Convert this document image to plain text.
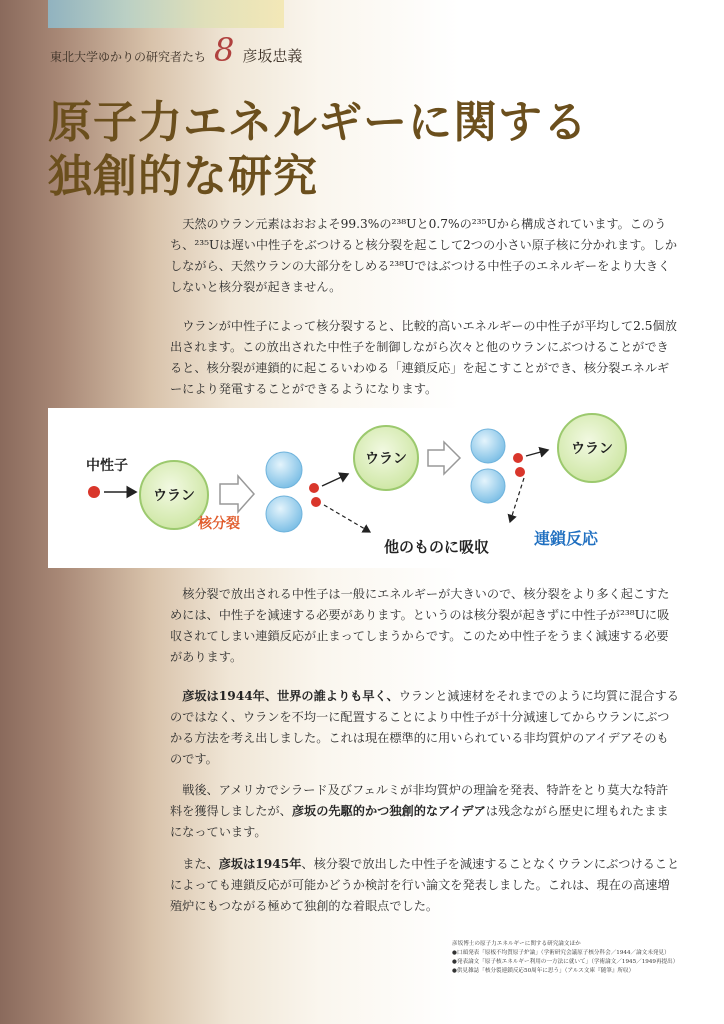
東北大学ゆかりの研究者たち 8 彦坂忠義
原子力エネルギーに関する
独創的な研究

天然のウラン元素はおおよそ99.3%の²³⁸Uと0.7%の²³⁵Uから構成されています。このうち、²³⁵Uは遅い中性子をぶつけると核分裂を起こして2つの小さい原子核に分かれます。しかしながら、天然ウランの大部分をしめる²³⁸Uではぶつける中性子のエネルギーをより大きくしないと核分裂が起きません。

ウランが中性子によって核分裂すると、比較的高いエネルギーの中性子が平均して2.5個放出されます。この放出された中性子を制御しながら次々と他のウランにぶつけることができると、核分裂が連鎖的に起こるいわゆる「連鎖反応」を起こすことができ、核分裂エネルギーにより発電することができるようになります。

中性子
ウラン
核分裂
ウラン
ウラン
他のものに吸収	連鎖反応

核分裂で放出される中性子は一般にエネルギーが大きいので、核分裂をより多く起こすためには、中性子を減速する必要があります。というのは核分裂が起きずに中性子が²³⁸Uに吸収されてしまい連鎖反応が止まってしまうからです。このため中性子をうまく減速する必要があります。

彦坂は1944年、世界の誰よりも早く、ウランと減速材をそれまでのように均質に混合するのではなく、ウランを不均一に配置することにより中性子が十分減速してからウランにぶつかる方法を考え出しました。これは現在標準的に用いられている非均質炉のアイデアそのものです。

戦後、アメリカでシラード及びフェルミが非均質炉の理論を発表、特許をとり莫大な特許料を獲得しましたが、彦坂の先駆的かつ独創的なアイデアは残念ながら歴史に埋もれたままになっています。

また、彦坂は1945年、核分裂で放出した中性子を減速することなくウランにぶつけることによっても連鎖反応が可能かどうか検討を行い論文を発表しました。これは、現在の高速増殖炉にもつながる極めて独創的な着眼点でした。

彦坂博士の原子力エネルギーに関する研究論文ほか
●口頭発表「原板不均質原子炉論」（学術研究会議原子核分科会／1944／論文未発見）
●発表論文「原子核エネルギー利用の一方法に就いて」（学術論文／1945／1949再提出）
●供見雑誌「核分裂連鎖反応50周年に思う」（アルス文庫『随筆』所収）
